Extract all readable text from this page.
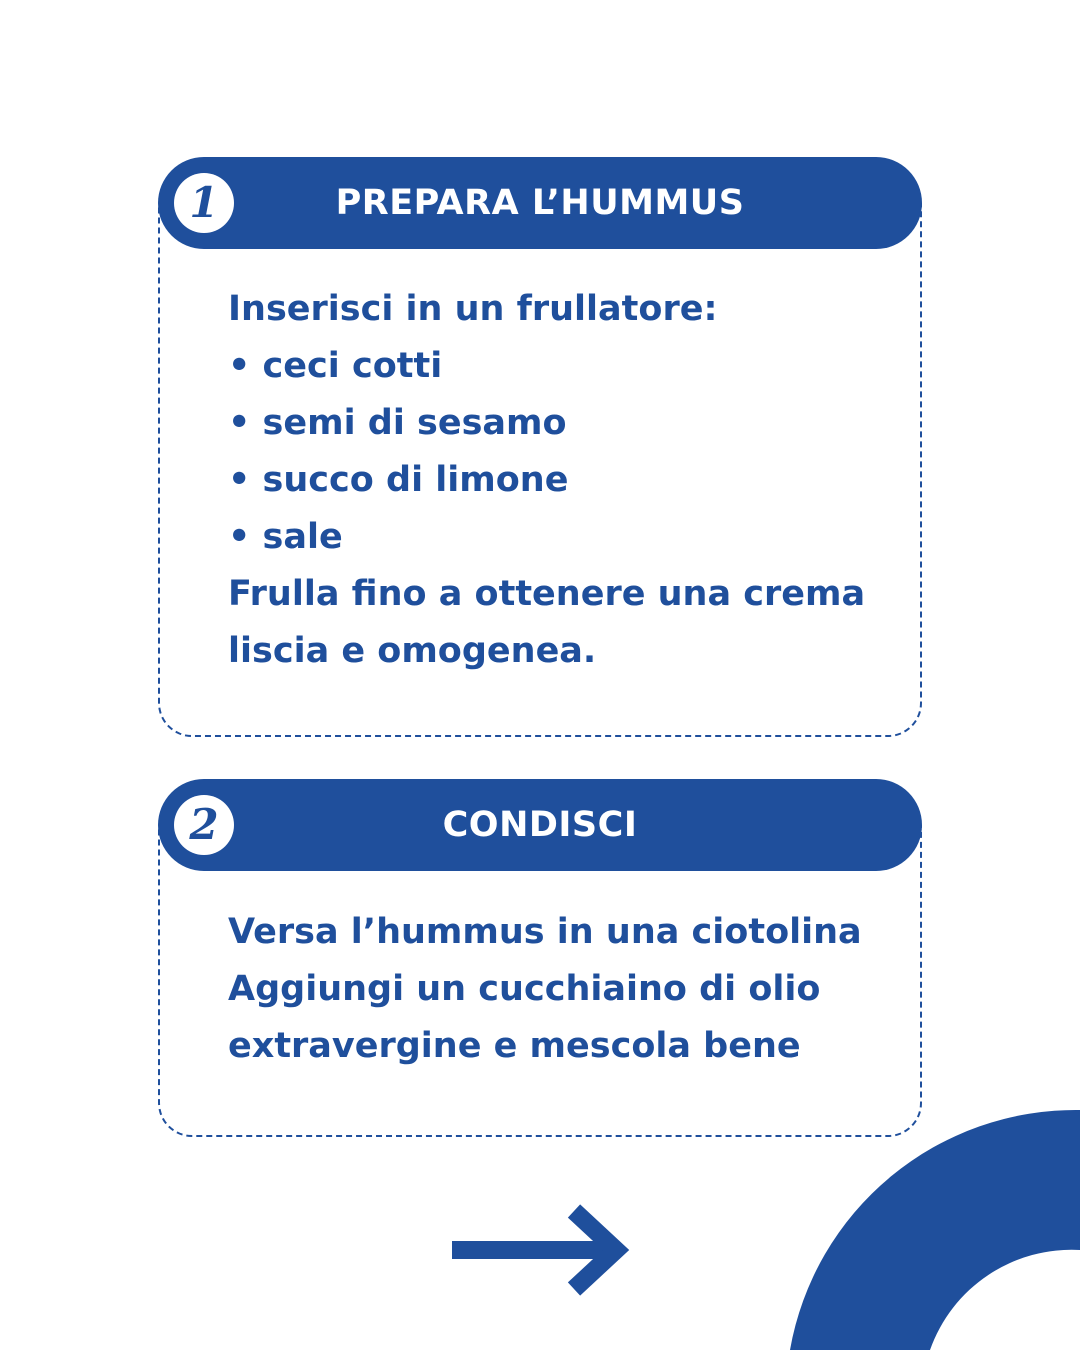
1	PREPARA L’HUMMUS
Inserisci in un frullatore:
• ceci cotti
• semi di sesamo
• succo di limone
• sale
Frulla fino a ottenere una crema
liscia e omogenea.
2	CONDISCI
Versa l’hummus in una ciotolina
Aggiungi un cucchiaino di olio
extravergine e mescola bene
